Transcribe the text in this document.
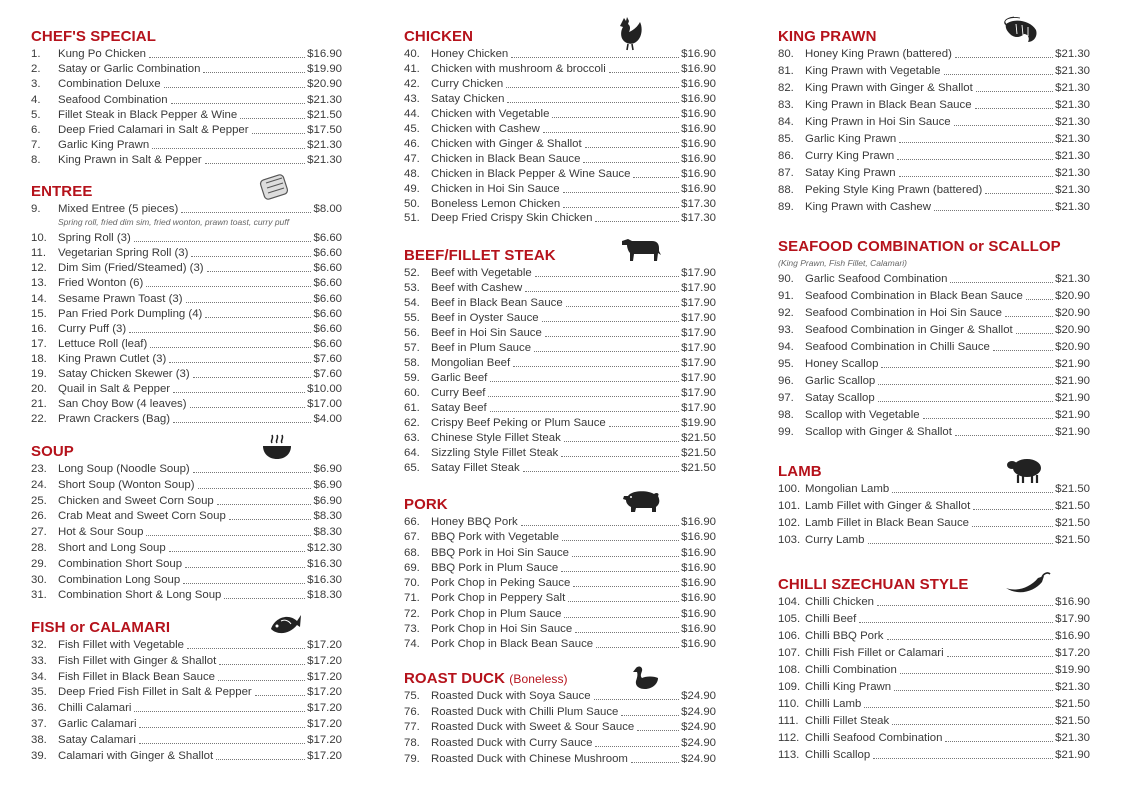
CHEF'S SPECIAL
1.	Kung Po Chicken	$16.90
2.	Satay or Garlic Combination	$19.90
3.	Combination Deluxe	$20.90
4.	Seafood Combination	$21.30
5.	Fillet Steak in Black Pepper & Wine	$21.50
6.	Deep Fried Calamari in Salt & Pepper	$17.50
7.	Garlic King Prawn	$21.30
8.	King Prawn in Salt & Pepper	$21.30
ENTREE
Spring roll, fried dim sim, fried wonton, prawn toast, curry puff
9.	Mixed Entree (5 pieces)	$8.00
10. Spring Roll (3)	$6.60
11.	Vegetarian Spring Roll (3)	$6.60
12. Dim Sim (Fried/Steamed) (3)	$6.60
13. Fried Wonton (6)	$6.60
14. Sesame Prawn Toast (3)	$6.60
15. Pan Fried Pork Dumpling (4)	$6.60
16. Curry Puff (3)	$6.60
17. Lettuce Roll (leaf)	$6.60
18. King Prawn Cutlet (3)	$7.60
19. Satay Chicken Skewer (3)	$7.60
20. Quail in Salt & Pepper	$10.00
21. San Choy Bow (4 leaves)	$17.00
22. Prawn Crackers (Bag)	$4.00
SOUP
23. Long Soup (Noodle Soup)	$6.90
24. Short Soup (Wonton Soup)	$6.90
25. Chicken and Sweet Corn Soup	$6.90
26. Crab Meat and Sweet Corn Soup	$8.30
27. Hot & Sour Soup	$8.30
28. Short and Long Soup	$12.30
29. Combination Short Soup	$16.30
30. Combination Long Soup	$16.30
31. Combination Short & Long Soup	$18.30
FISH or CALAMARI
32. Fish Fillet with Vegetable	$17.20
33. Fish Fillet with Ginger & Shallot	$17.20
34. Fish Fillet in Black Bean Sauce	$17.20
35. Deep Fried Fish Fillet in Salt & Pepper	$17.20
36. Chilli Calamari	$17.20
37. Garlic Calamari	$17.20
38. Satay Calamari	$17.20
39. Calamari with Ginger & Shallot	$17.20
CHICKEN
40. Honey Chicken	$16.90
41. Chicken with mushroom & broccoli	$16.90
42. Curry Chicken	$16.90
43. Satay Chicken	$16.90
44. Chicken with Vegetable	$16.90
45. Chicken with Cashew	$16.90
46. Chicken with Ginger & Shallot	$16.90
47. Chicken in Black Bean Sauce	$16.90
48. Chicken in Black Pepper & Wine Sauce	$16.90
49. Chicken in Hoi Sin Sauce	$16.90
50. Boneless Lemon Chicken	$17.30
51. Deep Fried Crispy Skin Chicken	$17.30
BEEF/FILLET STEAK
52. Beef with Vegetable	$17.90
53. Beef with Cashew	$17.90
54. Beef in Black Bean Sauce	$17.90
55. Beef in Oyster Sauce	$17.90
56. Beef in Hoi Sin Sauce	$17.90
57. Beef in Plum Sauce	$17.90
58. Mongolian Beef	$17.90
59. Garlic Beef	$17.90
60. Curry Beef	$17.90
61. Satay Beef	$17.90
62. Crispy Beef Peking or Plum Sauce	$19.90
63. Chinese Style Fillet Steak	$21.50
64. Sizzling Style Fillet Steak	$21.50
65. Satay Fillet Steak	$21.50
PORK
66. Honey BBQ Pork	$16.90
67. BBQ Pork with Vegetable	$16.90
68. BBQ Pork in Hoi Sin Sauce	$16.90
69. BBQ Pork in Plum Sauce	$16.90
70. Pork Chop in Peking Sauce	$16.90
71. Pork Chop in Peppery Salt	$16.90
72. Pork Chop in Plum Sauce	$16.90
73. Pork Chop in Hoi Sin Sauce	$16.90
74. Pork Chop in Black Bean Sauce	$16.90
ROAST DUCK (Boneless)
75. Roasted Duck with Soya Sauce	$24.90
76. Roasted Duck with Chilli Plum Sauce	$24.90
77. Roasted Duck with Sweet & Sour Sauce	$24.90
78. Roasted Duck with Curry Sauce	$24.90
79. Roasted Duck with Chinese Mushroom	$24.90
KING PRAWN
80. Honey King Prawn (battered)	$21.30
81. King Prawn with Vegetable	$21.30
82. King Prawn with Ginger & Shallot	$21.30
83. King Prawn in Black Bean Sauce	$21.30
84. King Prawn in Hoi Sin Sauce	$21.30
85. Garlic King Prawn	$21.30
86. Curry King Prawn	$21.30
87. Satay King Prawn	$21.30
88. Peking Style King Prawn (battered)	$21.30
89. King Prawn with Cashew	$21.30
SEAFOOD COMBINATION or SCALLOP
(King Prawn, Fish Fillet, Calamari)
90. Garlic Seafood Combination	$21.30
91. Seafood Combination in Black Bean Sauce	$20.90
92. Seafood Combination in Hoi Sin Sauce	$20.90
93. Seafood Combination in Ginger & Shallot	$20.90
94. Seafood Combination in Chilli Sauce	$20.90
95. Honey Scallop	$21.90
96. Garlic Scallop	$21.90
97. Satay Scallop	$21.90
98. Scallop with Vegetable	$21.90
99. Scallop with Ginger & Shallot	$21.90
LAMB
100. Mongolian Lamb	$21.50
101. Lamb Fillet with Ginger & Shallot	$21.50
102. Lamb Fillet in Black Bean Sauce	$21.50
103. Curry Lamb	$21.50
CHILLI SZECHUAN STYLE
104. Chilli Chicken	$16.90
105. Chilli Beef	$17.90
106. Chilli BBQ Pork	$16.90
107. Chilli Fish Fillet or Calamari	$17.20
108. Chilli Combination	$19.90
109. Chilli King Prawn	$21.30
110. Chilli Lamb	$21.50
111. Chilli Fillet Steak	$21.50
112. Chilli Seafood Combination	$21.30
113. Chilli Scallop	$21.90
